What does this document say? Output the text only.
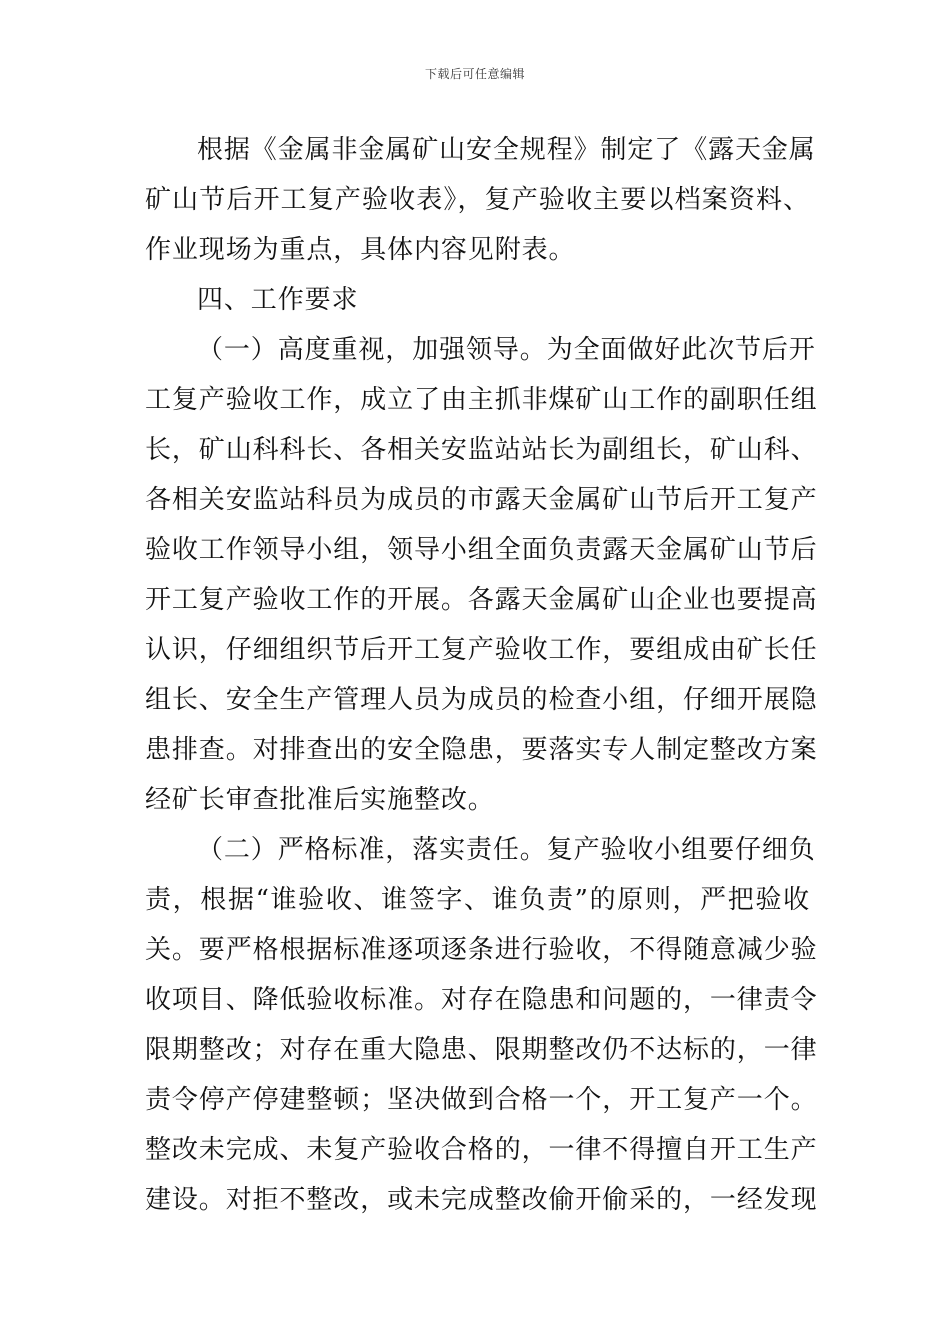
下载后可任意编辑
根据《金属非金属矿山安全规程》制定了《露天金属
矿山节后开工复产验收表》，复产验收主要以档案资料、
作业现场为重点，具体内容见附表。
四、工作要求
（一）高度重视，加强领导。为全面做好此次节后开
工复产验收工作，成立了由主抓非煤矿山工作的副职任组
长，矿山科科长、各相关安监站站长为副组长，矿山科、
各相关安监站科员为成员的市露天金属矿山节后开工复产
验收工作领导小组，领导小组全面负责露天金属矿山节后
开工复产验收工作的开展。各露天金属矿山企业也要提高
认识，仔细组织节后开工复产验收工作，要组成由矿长任
组长、安全生产管理人员为成员的检查小组，仔细开展隐
患排查。对排查出的安全隐患，要落实专人制定整改方案
经矿长审查批准后实施整改。
（二）严格标准，落实责任。复产验收小组要仔细负
责，根据“谁验收、谁签字、谁负责”的原则，严把验收
关。要严格根据标准逐项逐条进行验收，不得随意减少验
收项目、降低验收标准。对存在隐患和问题的，一律责令
限期整改；对存在重大隐患、限期整改仍不达标的，一律
责令停产停建整顿；坚决做到合格一个，开工复产一个。
整改未完成、未复产验收合格的，一律不得擅自开工生产
建设。对拒不整改，或未完成整改偷开偷采的，一经发现
